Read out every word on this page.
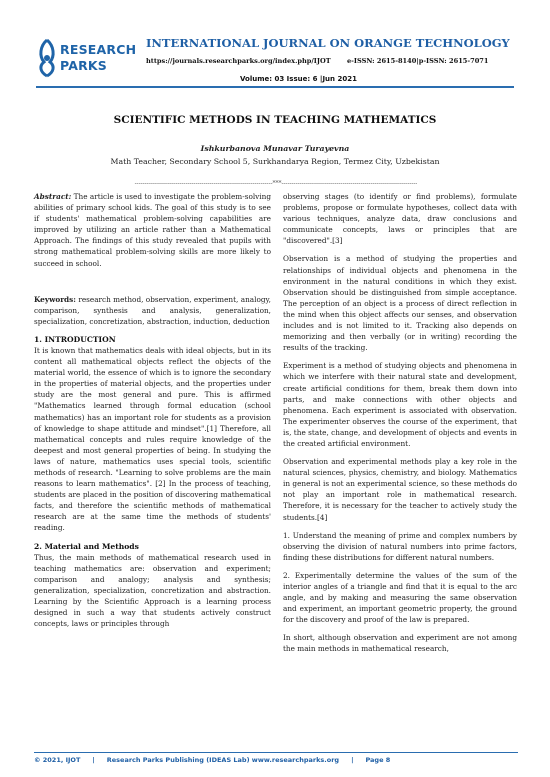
RESEARCH
PARKS
INTERNATIONAL JOURNAL ON ORANGE TECHNOLOGY
https://journals.researchparks.org/index.php/IJOT e-ISSN: 2615-8140|p-ISSN: 2615-7071
Volume: 03 Issue: 6 |Jun 2021
SCIENTIFIC METHODS IN TEACHING MATHEMATICS
Ishkurbanova Munavar Turayevna
Math Teacher, Secondary School 5, Surkhandarya Region, Termez City, Uzbekistan
--------------------------------------------------------------------***-------------------------------------------------------------------

Abstract: The article is used to investigate the problem-solving abilities of primary school kids. The goal of this study is to see if students' mathematical problem-solving capabilities are improved by utilizing an article rather than a Mathematical Approach. The findings of this study revealed that pupils with strong mathematical problem-solving skills are more likely to succeed in school.

Keywords: research method, observation, experiment, analogy, comparison, synthesis and analysis, generalization, specialization, concretization, abstraction, induction, deduction

1. INTRODUCTION

It is known that mathematics deals with ideal objects, but in its content all mathematical objects reflect the objects of the material world, the essence of which is to ignore the secondary in the properties of material objects, and the properties under study are the most general and pure. This is affirmed "Mathematics learned through formal education (school mathematics) has an important role for students as a provision of knowledge to shape attitude and mindset".[1] Therefore, all mathematical concepts and rules require knowledge of the deepest and most general properties of being. In studying the laws of nature, mathematics uses special tools, scientific methods of research. "Learning to solve problems are the main reasons to learn mathematics". [2] In the process of teaching, students are placed in the position of discovering mathematical facts, and therefore the scientific methods of mathematical research are at the same time the methods of students' reading.

2. Material and Methods

Thus, the main methods of mathematical research used in teaching mathematics are: observation and experiment; comparison and analogy; analysis and synthesis; generalization, specialization, concretization and abstraction. Learning by the Scientific Approach is a learning process designed in such a way that students actively construct concepts, laws or principles through

observing stages (to identify or find problems), formulate problems, propose or formulate hypotheses, collect data with various techniques, analyze data, draw conclusions and communicate concepts, laws or principles that are "discovered".[3]

Observation is a method of studying the properties and relationships of individual objects and phenomena in the environment in the natural conditions in which they exist. Observation should be distinguished from simple acceptance. The perception of an object is a process of direct reflection in the mind when this object affects our senses, and observation includes and is not limited to it. Tracking also depends on memorizing and then verbally (or in writing) recording the results of the tracking.

Experiment is a method of studying objects and phenomena in which we interfere with their natural state and development, create artificial conditions for them, break them down into parts, and make connections with other objects and phenomena. Each experiment is associated with observation. The experimenter observes the course of the experiment, that is, the state, change, and development of objects and events in the created artificial environment.

Observation and experimental methods play a key role in the natural sciences, physics, chemistry, and biology. Mathematics in general is not an experimental science, so these methods do not play an important role in mathematical research. Therefore, it is necessary for the teacher to actively study the students.[4]

1. Understand the meaning of prime and complex numbers by observing the division of natural numbers into prime factors, finding these distributions for different natural numbers.

2. Experimentally determine the values of the sum of the interior angles of a triangle and find that it is equal to the arc angle, and by making and measuring the same observation and experiment, an important geometric property, the ground for the discovery and proof of the law is prepared.

In short, although observation and experiment are not among the main methods in mathematical research,

© 2021, IJOT | Research Parks Publishing (IDEAS Lab) www.researchparks.org | Page 8
